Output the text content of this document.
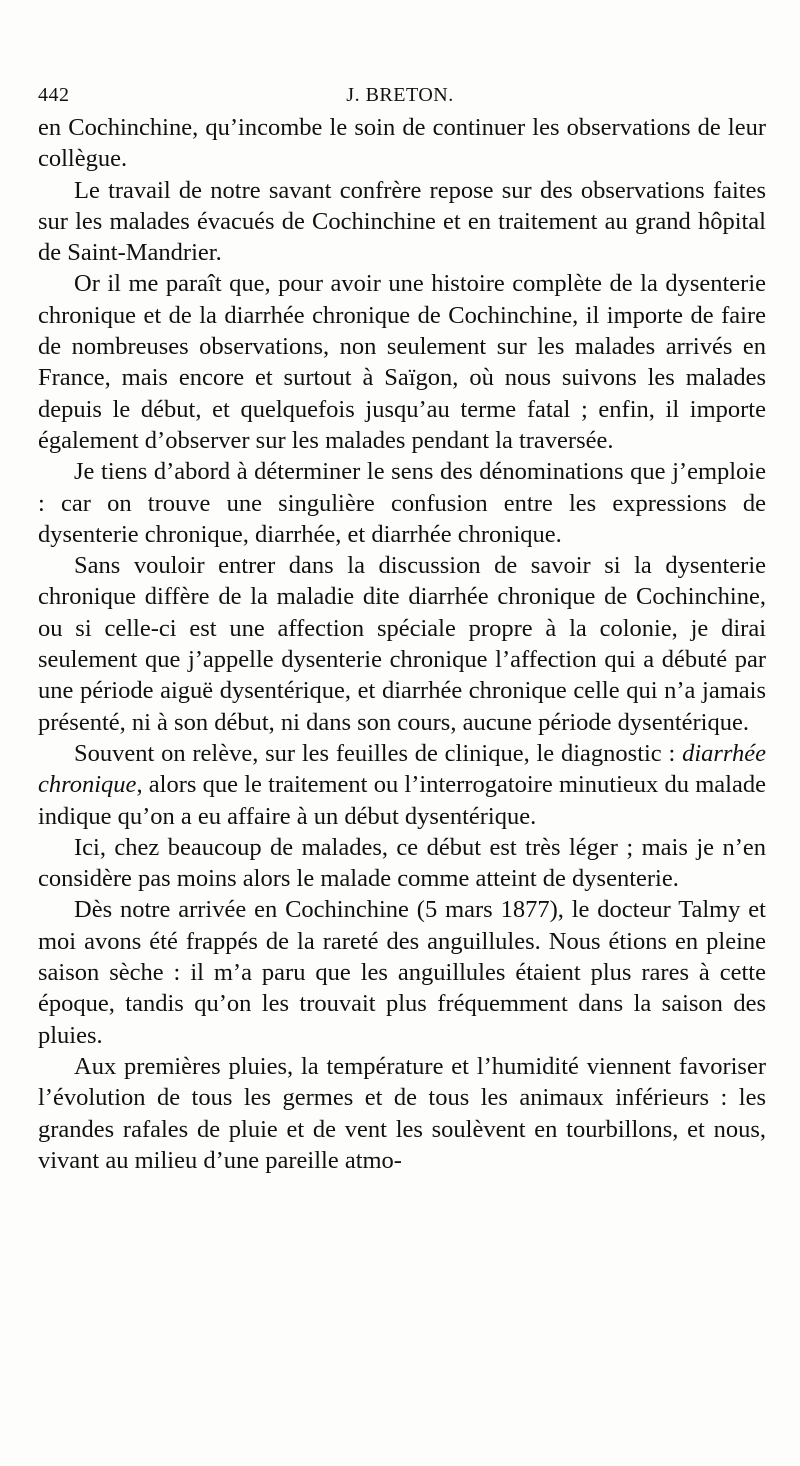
442	J. BRETON.

en Cochinchine, qu’incombe le soin de continuer les observations de leur collègue.

Le travail de notre savant confrère repose sur des observations faites sur les malades évacués de Cochinchine et en traitement au grand hôpital de Saint-Mandrier.

Or il me paraît que, pour avoir une histoire complète de la dysenterie chronique et de la diarrhée chronique de Cochinchine, il importe de faire de nombreuses observations, non seulement sur les malades arrivés en France, mais encore et surtout à Saïgon, où nous suivons les malades depuis le début, et quelquefois jusqu’au terme fatal ; enfin, il importe également d’observer sur les malades pendant la traversée.

Je tiens d’abord à déterminer le sens des dénominations que j’emploie : car on trouve une singulière confusion entre les expressions de dysenterie chronique, diarrhée, et diarrhée chronique.

Sans vouloir entrer dans la discussion de savoir si la dysenterie chronique diffère de la maladie dite diarrhée chronique de Cochinchine, ou si celle-ci est une affection spéciale propre à la colonie, je dirai seulement que j’appelle dysenterie chronique l’affection qui a débuté par une période aiguë dysentérique, et diarrhée chronique celle qui n’a jamais présenté, ni à son début, ni dans son cours, aucune période dysentérique.

Souvent on relève, sur les feuilles de clinique, le diagnostic : diarrhée chronique, alors que le traitement ou l’interrogatoire minutieux du malade indique qu’on a eu affaire à un début dysentérique.

Ici, chez beaucoup de malades, ce début est très léger ; mais je n’en considère pas moins alors le malade comme atteint de dysenterie.

Dès notre arrivée en Cochinchine (5 mars 1877), le docteur Talmy et moi avons été frappés de la rareté des anguillules. Nous étions en pleine saison sèche : il m’a paru que les anguillules étaient plus rares à cette époque, tandis qu’on les trouvait plus fréquemment dans la saison des pluies.

Aux premières pluies, la température et l’humidité viennent favoriser l’évolution de tous les germes et de tous les animaux inférieurs : les grandes rafales de pluie et de vent les soulèvent en tourbillons, et nous, vivant au milieu d’une pareille atmo-
